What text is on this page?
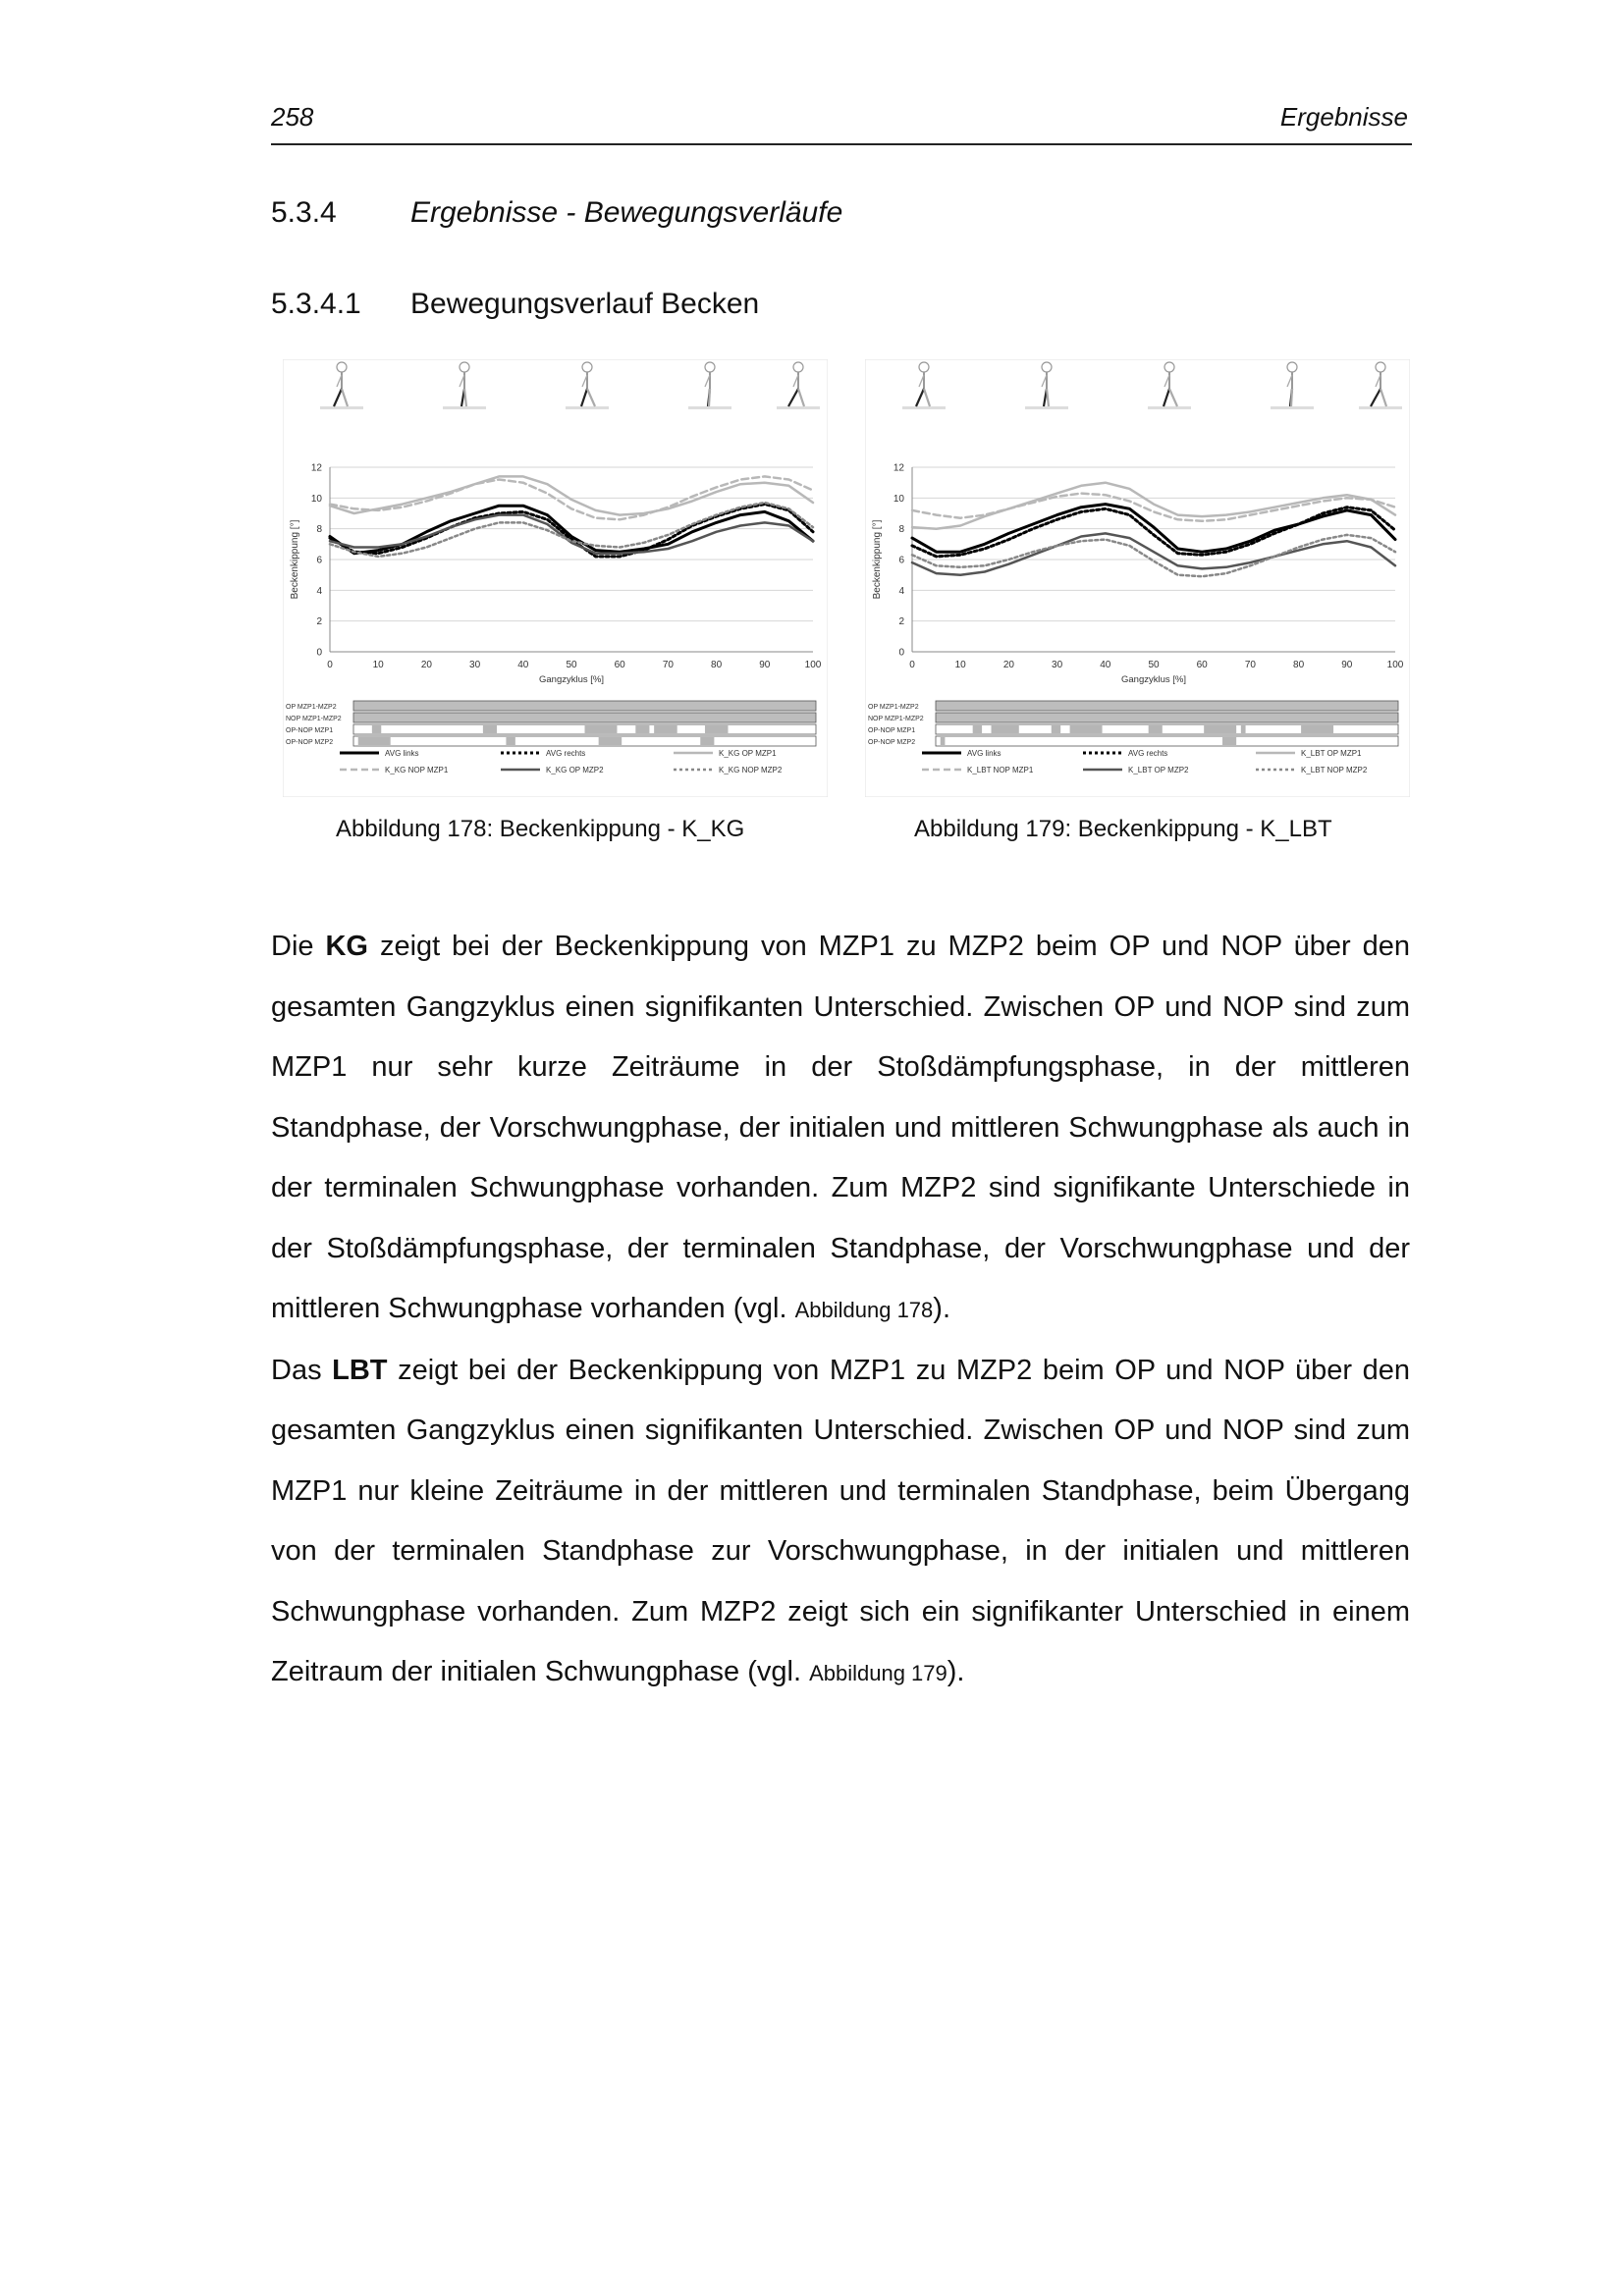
258	Ergebnisse
5.3.4	Ergebnisse - Bewegungsverläufe
5.3.4.1 Bewegungsverlauf Becken
0
2
4
6
8
10
12
0	10	20	30	40	50	60	70	80	90	100
Gangzyklus [%]
Beckenkippung [°]
OP MZP1-MZP2
NOP MZP1-MZP2
OP-NOP MZP1
OP-NOP MZP2
AVG links	AVG rechts	K_KG OP MZP1
K_KG NOP MZP1	K_KG OP MZP2	K_KG NOP MZP2
0
2
4
6
8
10
12
0	10	20	30	40	50	60	70	80	90	100
Gangzyklus [%]
Beckenkippung [°]
OP MZP1-MZP2
NOP MZP1-MZP2
OP-NOP MZP1
OP-NOP MZP2
AVG links	AVG rechts	K_LBT OP MZP1
K_LBT NOP MZP1	K_LBT OP MZP2	K_LBT NOP MZP2
Abbildung 178: Beckenkippung - K_KG	Abbildung 179: Beckenkippung - K_LBT

Die KG zeigt bei der Beckenkippung von MZP1 zu MZP2 beim OP und NOP über den gesamten Gangzyklus einen signifikanten Unterschied. Zwischen OP und NOP sind zum MZP1 nur sehr kurze Zeiträume in der Stoßdämpfungsphase, in der mittleren Standphase, der Vorschwungphase, der initialen und mittleren Schwungphase als auch in der terminalen Schwungphase vorhanden. Zum MZP2 sind signifikante Unterschiede in der Stoßdämpfungsphase, der terminalen Standphase, der Vorschwungphase und der mittleren Schwungphase vorhanden (vgl. Abbildung 178).

Das LBT zeigt bei der Beckenkippung von MZP1 zu MZP2 beim OP und NOP über den gesamten Gangzyklus einen signifikanten Unterschied. Zwischen OP und NOP sind zum MZP1 nur kleine Zeiträume in der mittleren und terminalen Standphase, beim Übergang von der terminalen Standphase zur Vorschwungphase, in der initialen und mittleren Schwungphase vorhanden. Zum MZP2 zeigt sich ein signifikanter Unterschied in einem Zeitraum der initialen Schwungphase (vgl. Abbildung 179).
